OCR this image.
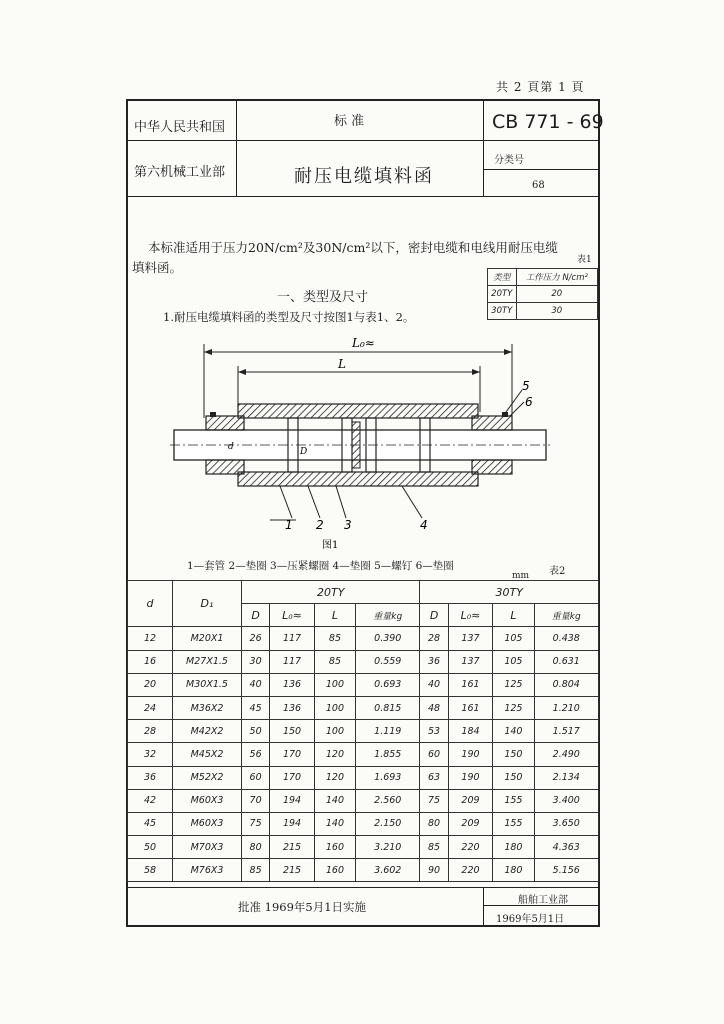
共 2 頁第 1 頁
中华人民共和国
第六机械工业部
标 准	CB 771 - 69
耐压电缆填料函
分类号
68
本标准适用于压力20N/cm²及30N/cm²以下，密封电缆和电线用耐压电缆
填料函。	表1
类型	工作压力 N/cm²
20TY	20
30TY	30
一、类型及尺寸
1.耐压电缆填料函的类型及尺寸按图1与表1、2。
L₀≈
L
D
d
1 2 3	4
5
6
图1
1—套管 2—垫圈 3—压紧螺圈 4—垫圈 5—螺钉 6—垫圈
mm 表2
d	D₁	20TY				30TY			
		D	L₀≈	L	重量kg	D	L₀≈	L	重量kg
12	M20X1	26	117	85	0.390	28	137	105	0.438
16	M27X1.5	30	117	85	0.559	36	137	105	0.631
20	M30X1.5	40	136	100	0.693	40	161	125	0.804
24	M36X2	45	136	100	0.815	48	161	125	1.210
28	M42X2	50	150	100	1.119	53	184	140	1.517
32	M45X2	56	170	120	1.855	60	190	150	2.490
36	M52X2	60	170	120	1.693	63	190	150	2.134
42	M60X3	70	194	140	2.560	75	209	155	3.400
45	M60X3	75	194	140	2.150	80	209	155	3.650
50	M70X3	80	215	160	3.210	85	220	180	4.363
58	M76X3	85	215	160	3.602	90	220	180	5.156
批准 1969年5月1日实施	船舶工业部
1969年5月1日
